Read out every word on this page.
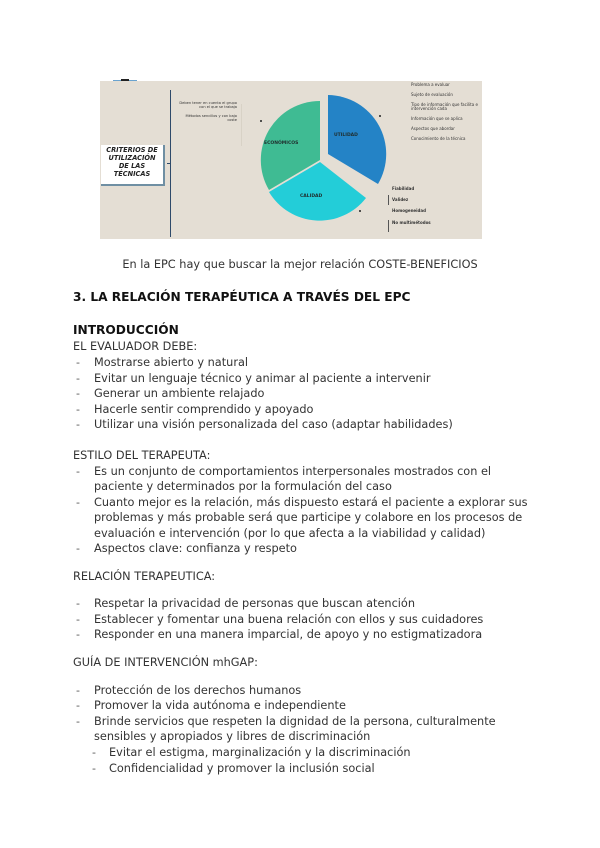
CRITERIOS DE
UTILIZACIÓN
DE LAS
TÉCNICAS

Deben tener en cuenta el grupo con el que se trabaja

Métodos sencillos y con bajo coste

ECONÓMICOS
UTILIDAD
CALIDAD
Problema a evaluar
Sujeto de evaluación
Tipo de información que facilita e intervención cada
Información que se aplica
Aspectos que abordar
Conocimiento de la técnica
Fiabilidad
Validez
Homogeneidad
No multimétodos
En la EPC hay que buscar la mejor relación COSTE-BENEFICIOS
3. LA RELACIÓN TERAPÉUTICA A TRAVÉS DEL EPC
INTRODUCCIÓN
EL EVALUADOR DEBE:
- Mostrarse abierto y natural
- Evitar un lenguaje técnico y animar al paciente a intervenir
- Generar un ambiente relajado
- Hacerle sentir comprendido y apoyado
- Utilizar una visión personalizada del caso (adaptar habilidades)
ESTILO DEL TERAPEUTA:
- Es un conjunto de comportamientos interpersonales mostrados con el
paciente y determinados por la formulación del caso
- Cuanto mejor es la relación, más dispuesto estará el paciente a explorar sus
problemas y más probable será que participe y colabore en los procesos de
evaluación e intervención (por lo que afecta a la viabilidad y calidad)
- Aspectos clave: confianza y respeto
RELACIÓN TERAPEUTICA:
- Respetar la privacidad de personas que buscan atención
- Establecer y fomentar una buena relación con ellos y sus cuidadores
- Responder en una manera imparcial, de apoyo y no estigmatizadora
GUÍA DE INTERVENCIÓN mhGAP:
- Protección de los derechos humanos
- Promover la vida autónoma e independiente
- Brinde servicios que respeten la dignidad de la persona, culturalmente
sensibles y apropiados y libres de discriminación
- Evitar el estigma, marginalización y la discriminación
- Confidencialidad y promover la inclusión social
